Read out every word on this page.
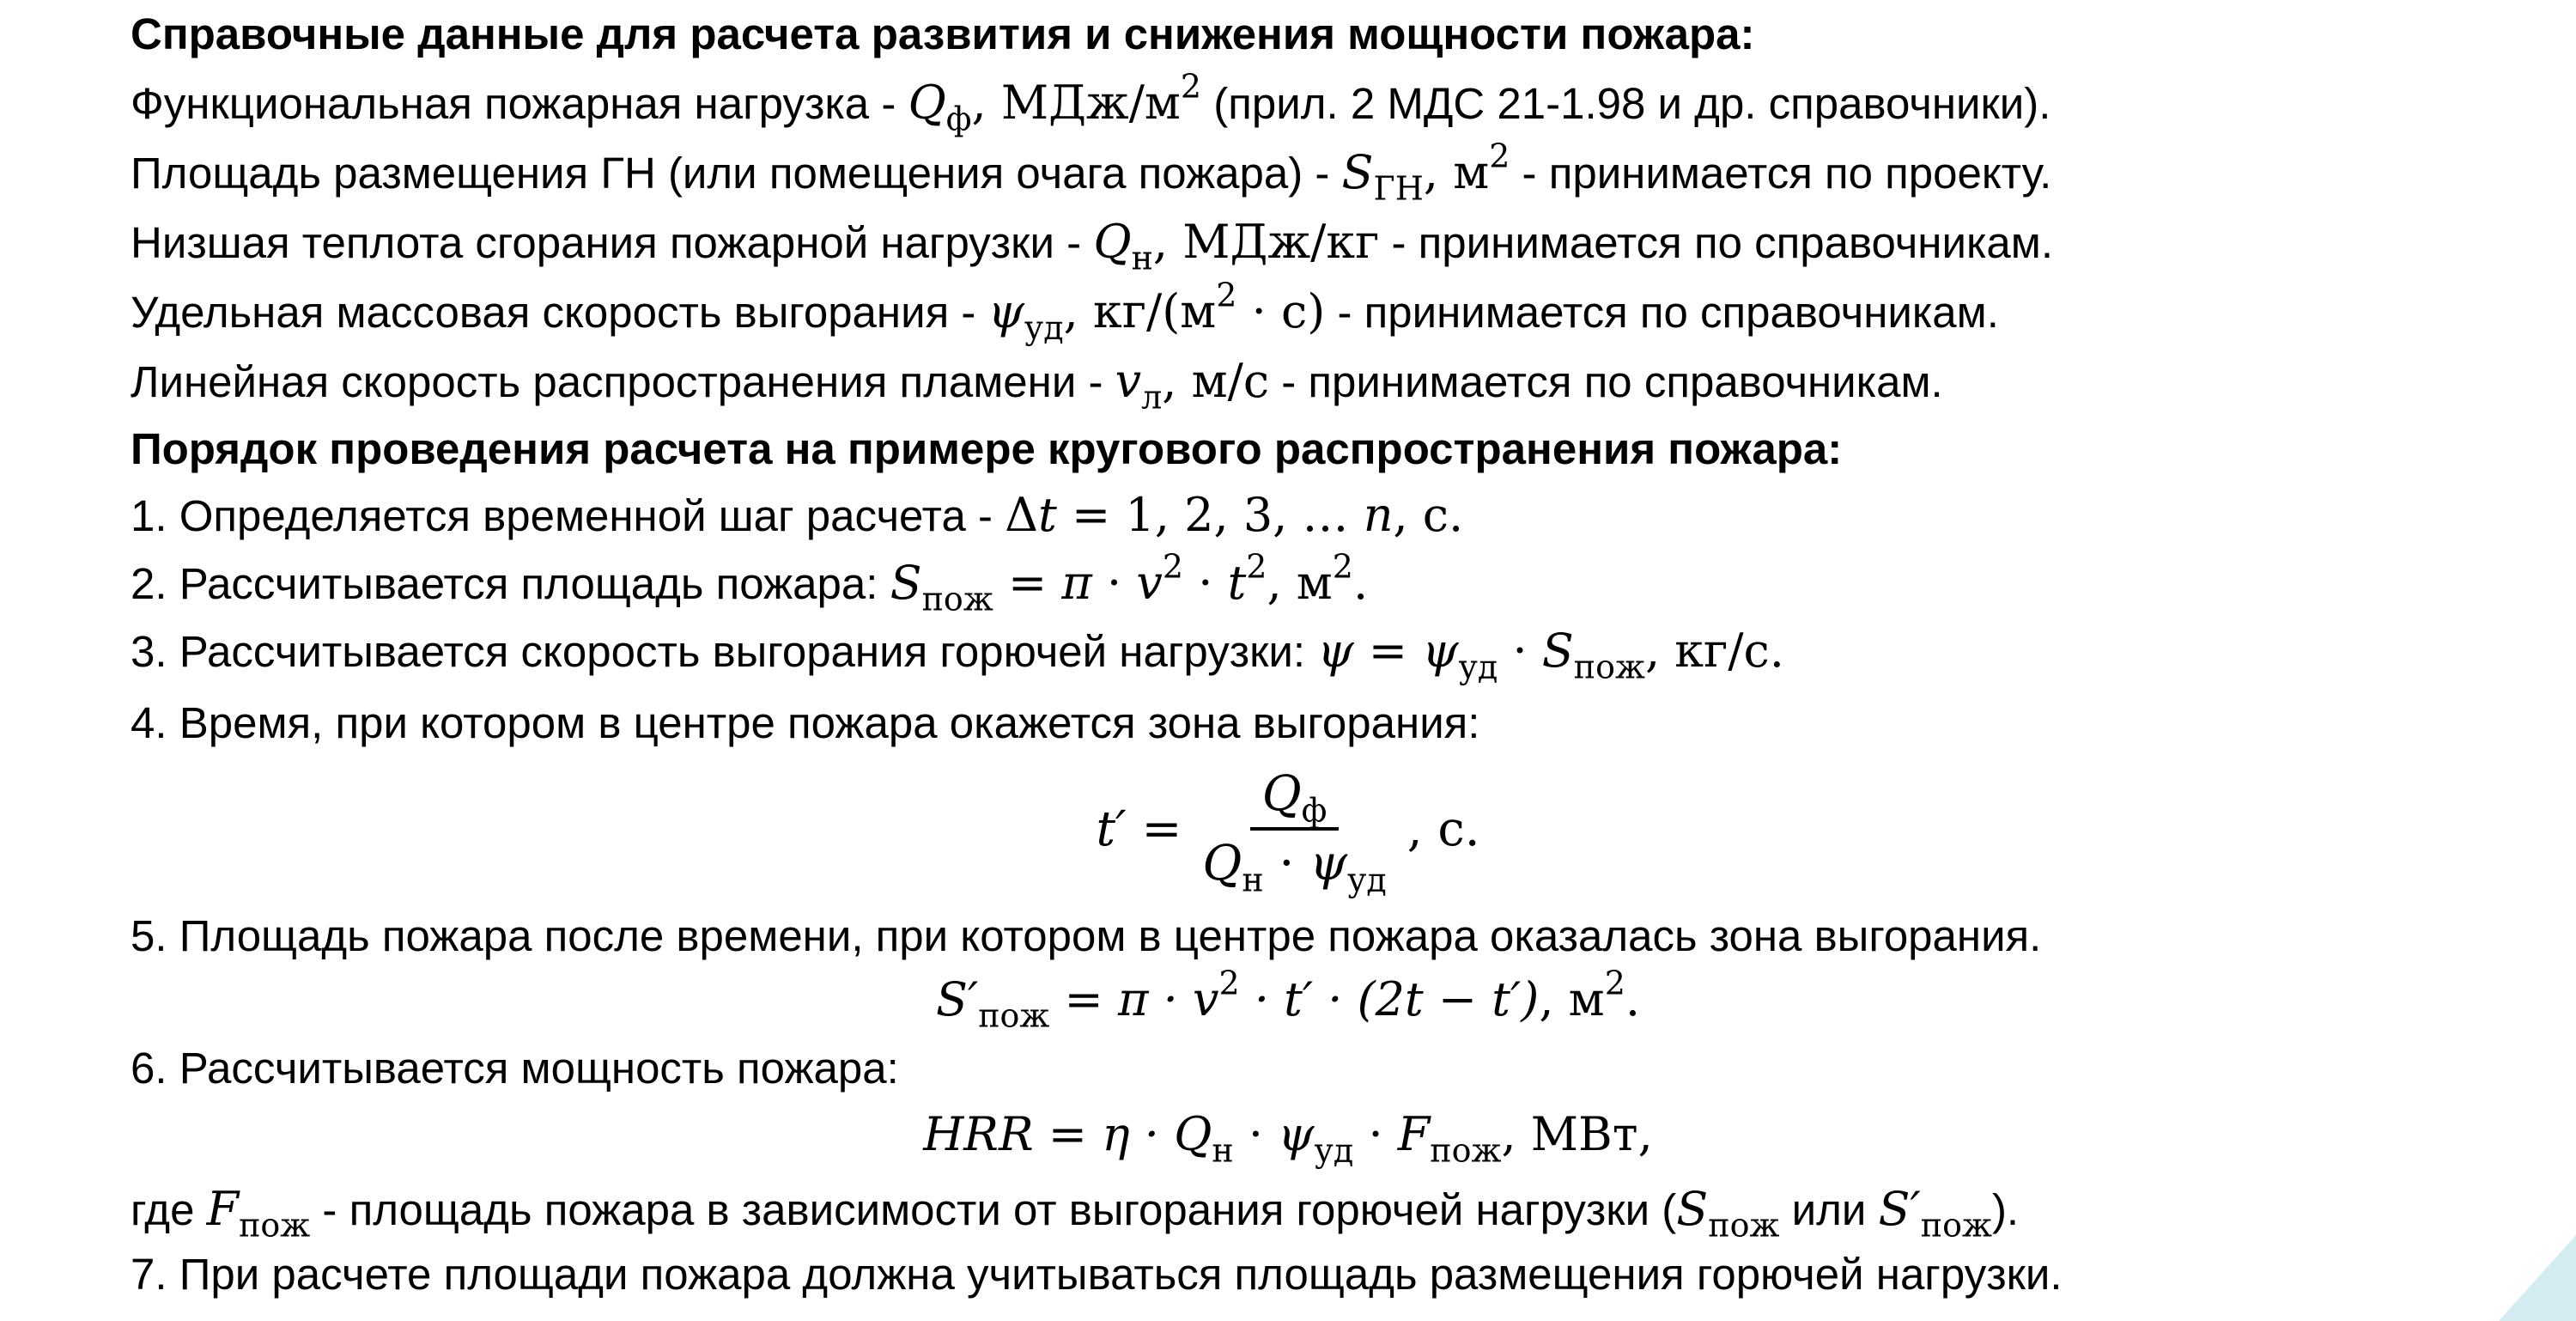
Справочные данные для расчета развития и снижения мощности пожара:
Функциональная пожарная нагрузка - $Q_ф$, МДж/$м^2$ (прил. 2 МДС 21-1.98 и др. справочники).
Площадь размещения ГН (или помещения очага пожара) - $S_{ГН}$, $м^2$ - принимается по проекту.
Низшая теплота сгорания пожарной нагрузки - $Q_н$, МДж/кг - принимается по справочникам.
Удельная массовая скорость выгорания - $\psi_{уд}$, $кг/(м^2 \cdot с)$ - принимается по справочникам.
Линейная скорость распространения пламени - $v_л$, м/с - принимается по справочникам.
Порядок проведения расчета на примере кругового распространения пожара:
1. Определяется временной шаг расчета - Δt = 1, 2, 3, … n, с.
2. Рассчитывается площадь пожара: $S_{пож} = \pi \cdot v^2 \cdot t^2$, $м^2$.
3. Рассчитывается скорость выгорания горючей нагрузки: $\psi = \psi_{уд} \cdot S_{пож}$, кг/с.
4. Время, при котором в центре пожара окажется зона выгорания:
$t' = \frac{Q_ф}{Q_н \cdot \psi_{уд}}$ , с.
5. Площадь пожара после времени, при котором в центре пожара оказалась зона выгорания.
$S'_{пож} = \pi \cdot v^2 \cdot t' \cdot (2t - t')$, $м^2$.
6. Рассчитывается мощность пожара:
HRR = $\eta \cdot Q_н \cdot \psi_{уд} \cdot F_{пож}$, МВт,
где $F_{пож}$ - площадь пожара в зависимости от выгорания горючей нагрузки ($S_{пож}$ или $S'_{пож}$).
7. При расчете площади пожара должна учитываться площадь размещения горючей нагрузки.
